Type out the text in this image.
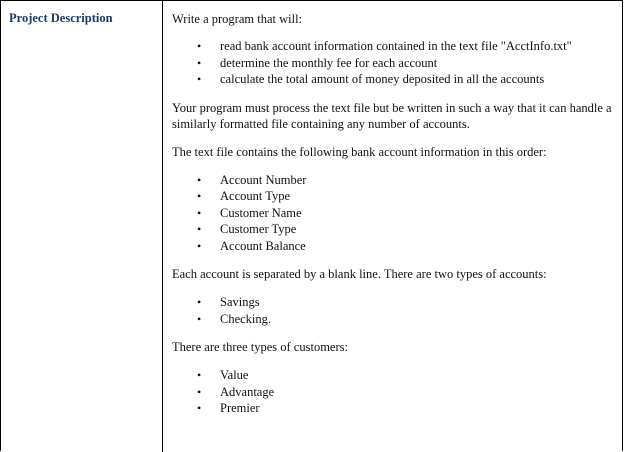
Project Description	Write a program that will:

• read bank account information contained in the text file "AcctInfo.txt"
• determine the monthly fee for each account
• calculate the total amount of money deposited in all the accounts

Your program must process the text file but be written in such a way that it can handle a similarly formatted file containing any number of accounts.

The text file contains the following bank account information in this order:

• Account Number
• Account Type
• Customer Name
• Customer Type
• Account Balance

Each account is separated by a blank line. There are two types of accounts:

• Savings
• Checking.

There are three types of customers:

• Value
• Advantage
• Premier
